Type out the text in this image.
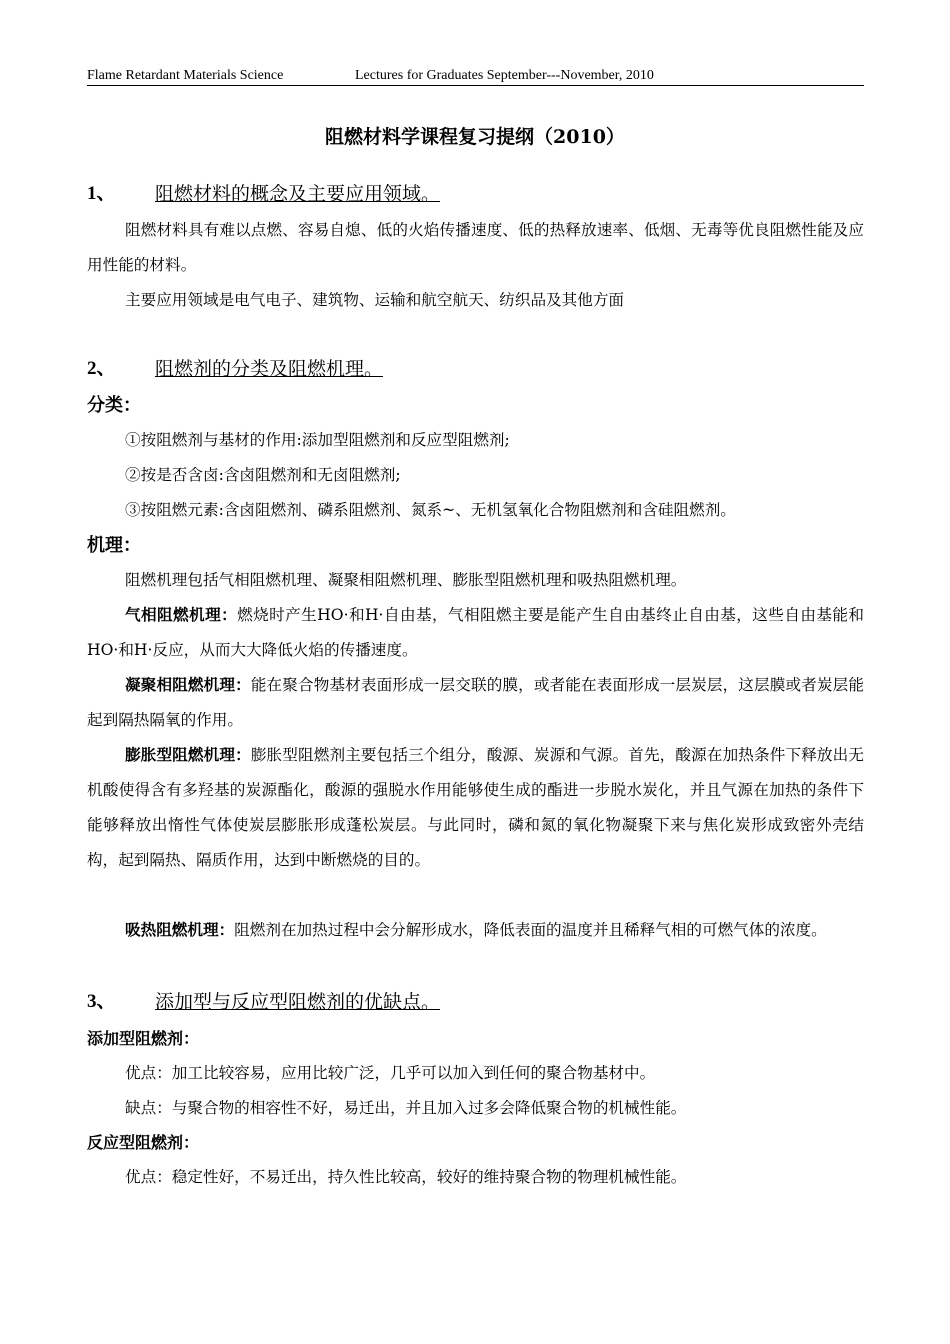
Flame Retardant Materials Science	Lectures for Graduates September---November, 2010
阻燃材料学课程复习提纲（2010）
1、 阻燃材料的概念及主要应用领域。
阻燃材料具有难以点燃、容易自熄、低的火焰传播速度、低的热释放速率、低烟、无毒等优良阻燃性能及应用性能的材料。
主要应用领域是电气电子、建筑物、运输和航空航天、纺织品及其他方面
2、 阻燃剂的分类及阻燃机理。
分类：
①按阻燃剂与基材的作用:添加型阻燃剂和反应型阻燃剂;
②按是否含卤:含卤阻燃剂和无卤阻燃剂;
③按阻燃元素:含卤阻燃剂、磷系阻燃剂、氮系~、无机氢氧化合物阻燃剂和含硅阻燃剂。
机理：
阻燃机理包括气相阻燃机理、凝聚相阻燃机理、膨胀型阻燃机理和吸热阻燃机理。
气相阻燃机理：燃烧时产生HO·和H·自由基，气相阻燃主要是能产生自由基终止自由基，这些自由基能和HO·和H·反应，从而大大降低火焰的传播速度。
凝聚相阻燃机理：能在聚合物基材表面形成一层交联的膜，或者能在表面形成一层炭层，这层膜或者炭层能起到隔热隔氧的作用。
膨胀型阻燃机理：膨胀型阻燃剂主要包括三个组分，酸源、炭源和气源。首先，酸源在加热条件下释放出无机酸使得含有多羟基的炭源酯化，酸源的强脱水作用能够使生成的酯进一步脱水炭化，并且气源在加热的条件下能够释放出惰性气体使炭层膨胀形成蓬松炭层。与此同时，磷和氮的氧化物凝聚下来与焦化炭形成致密外壳结构，起到隔热、隔质作用，达到中断燃烧的目的。
吸热阻燃机理：阻燃剂在加热过程中会分解形成水，降低表面的温度并且稀释气相的可燃气体的浓度。
3、 添加型与反应型阻燃剂的优缺点。
添加型阻燃剂：
优点：加工比较容易，应用比较广泛，几乎可以加入到任何的聚合物基材中。
缺点：与聚合物的相容性不好，易迁出，并且加入过多会降低聚合物的机械性能。
反应型阻燃剂：
优点：稳定性好，不易迁出，持久性比较高，较好的维持聚合物的物理机械性能。
